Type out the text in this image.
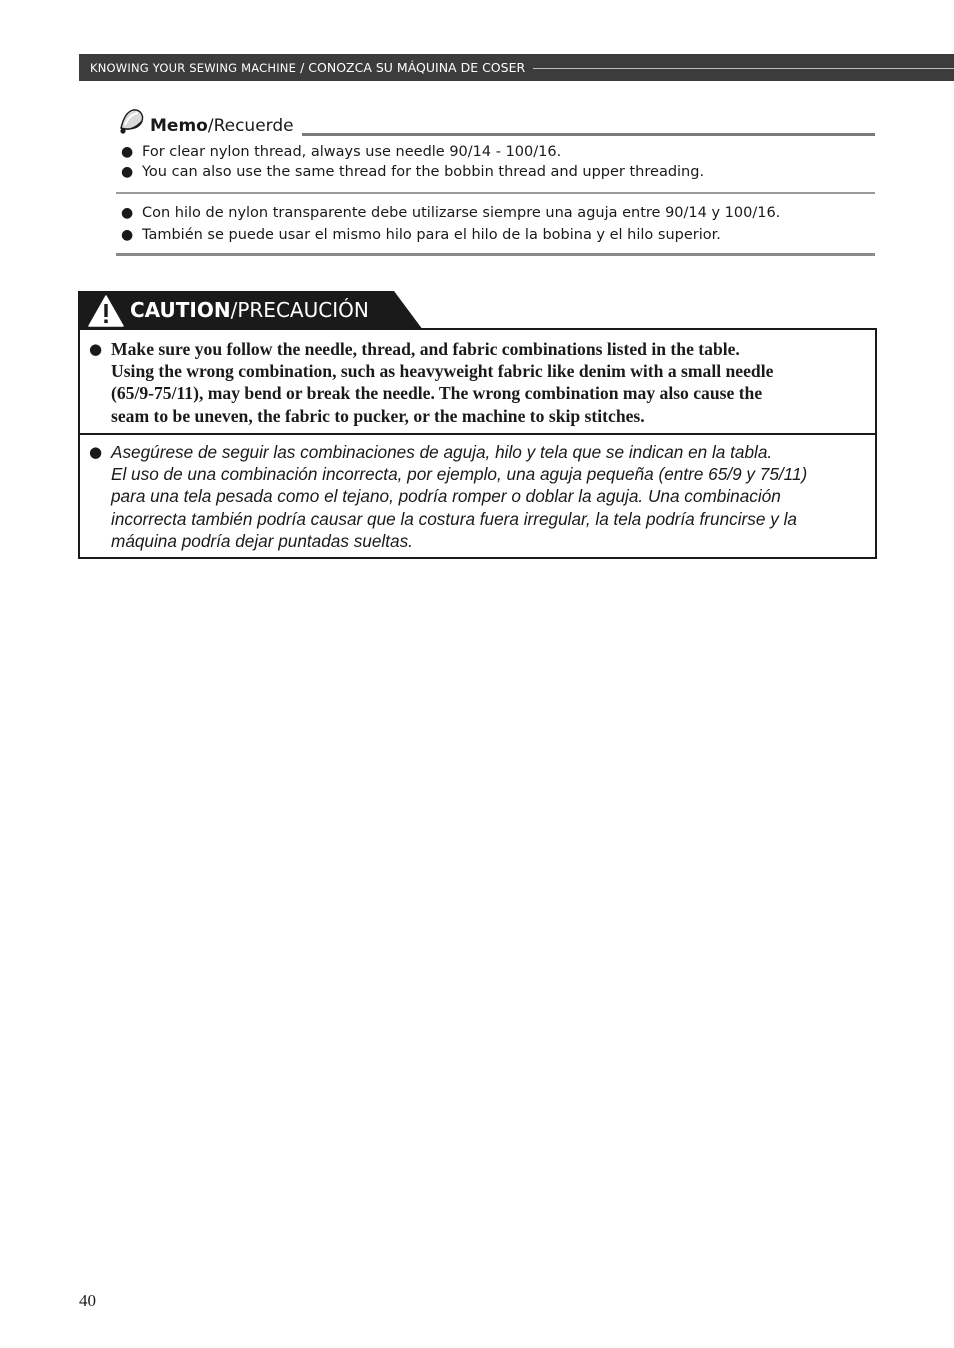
KNOWING YOUR SEWING MACHINE / CONOZCA SU MÁQUINA DE COSER
Memo/Recuerde
● For clear nylon thread, always use needle 90/14 - 100/16.
● You can also use the same thread for the bobbin thread and upper threading.
● Con hilo de nylon transparente debe utilizarse siempre una aguja entre 90/14 y 100/16.
● También se puede usar el mismo hilo para el hilo de la bobina y el hilo superior.
CAUTION/PRECAUCIÓN
● Make sure you follow the needle, thread, and fabric combinations listed in the table.
Using the wrong combination, such as heavyweight fabric like denim with a small needle
(65/9-75/11), may bend or break the needle. The wrong combination may also cause the
seam to be uneven, the fabric to pucker, or the machine to skip stitches.
● Asegúrese de seguir las combinaciones de aguja, hilo y tela que se indican en la tabla.
El uso de una combinación incorrecta, por ejemplo, una aguja pequeña (entre 65/9 y 75/11)
para una tela pesada como el tejano, podría romper o doblar la aguja. Una combinación
incorrecta también podría causar que la costura fuera irregular, la tela podría fruncirse y la
máquina podría dejar puntadas sueltas.
40
